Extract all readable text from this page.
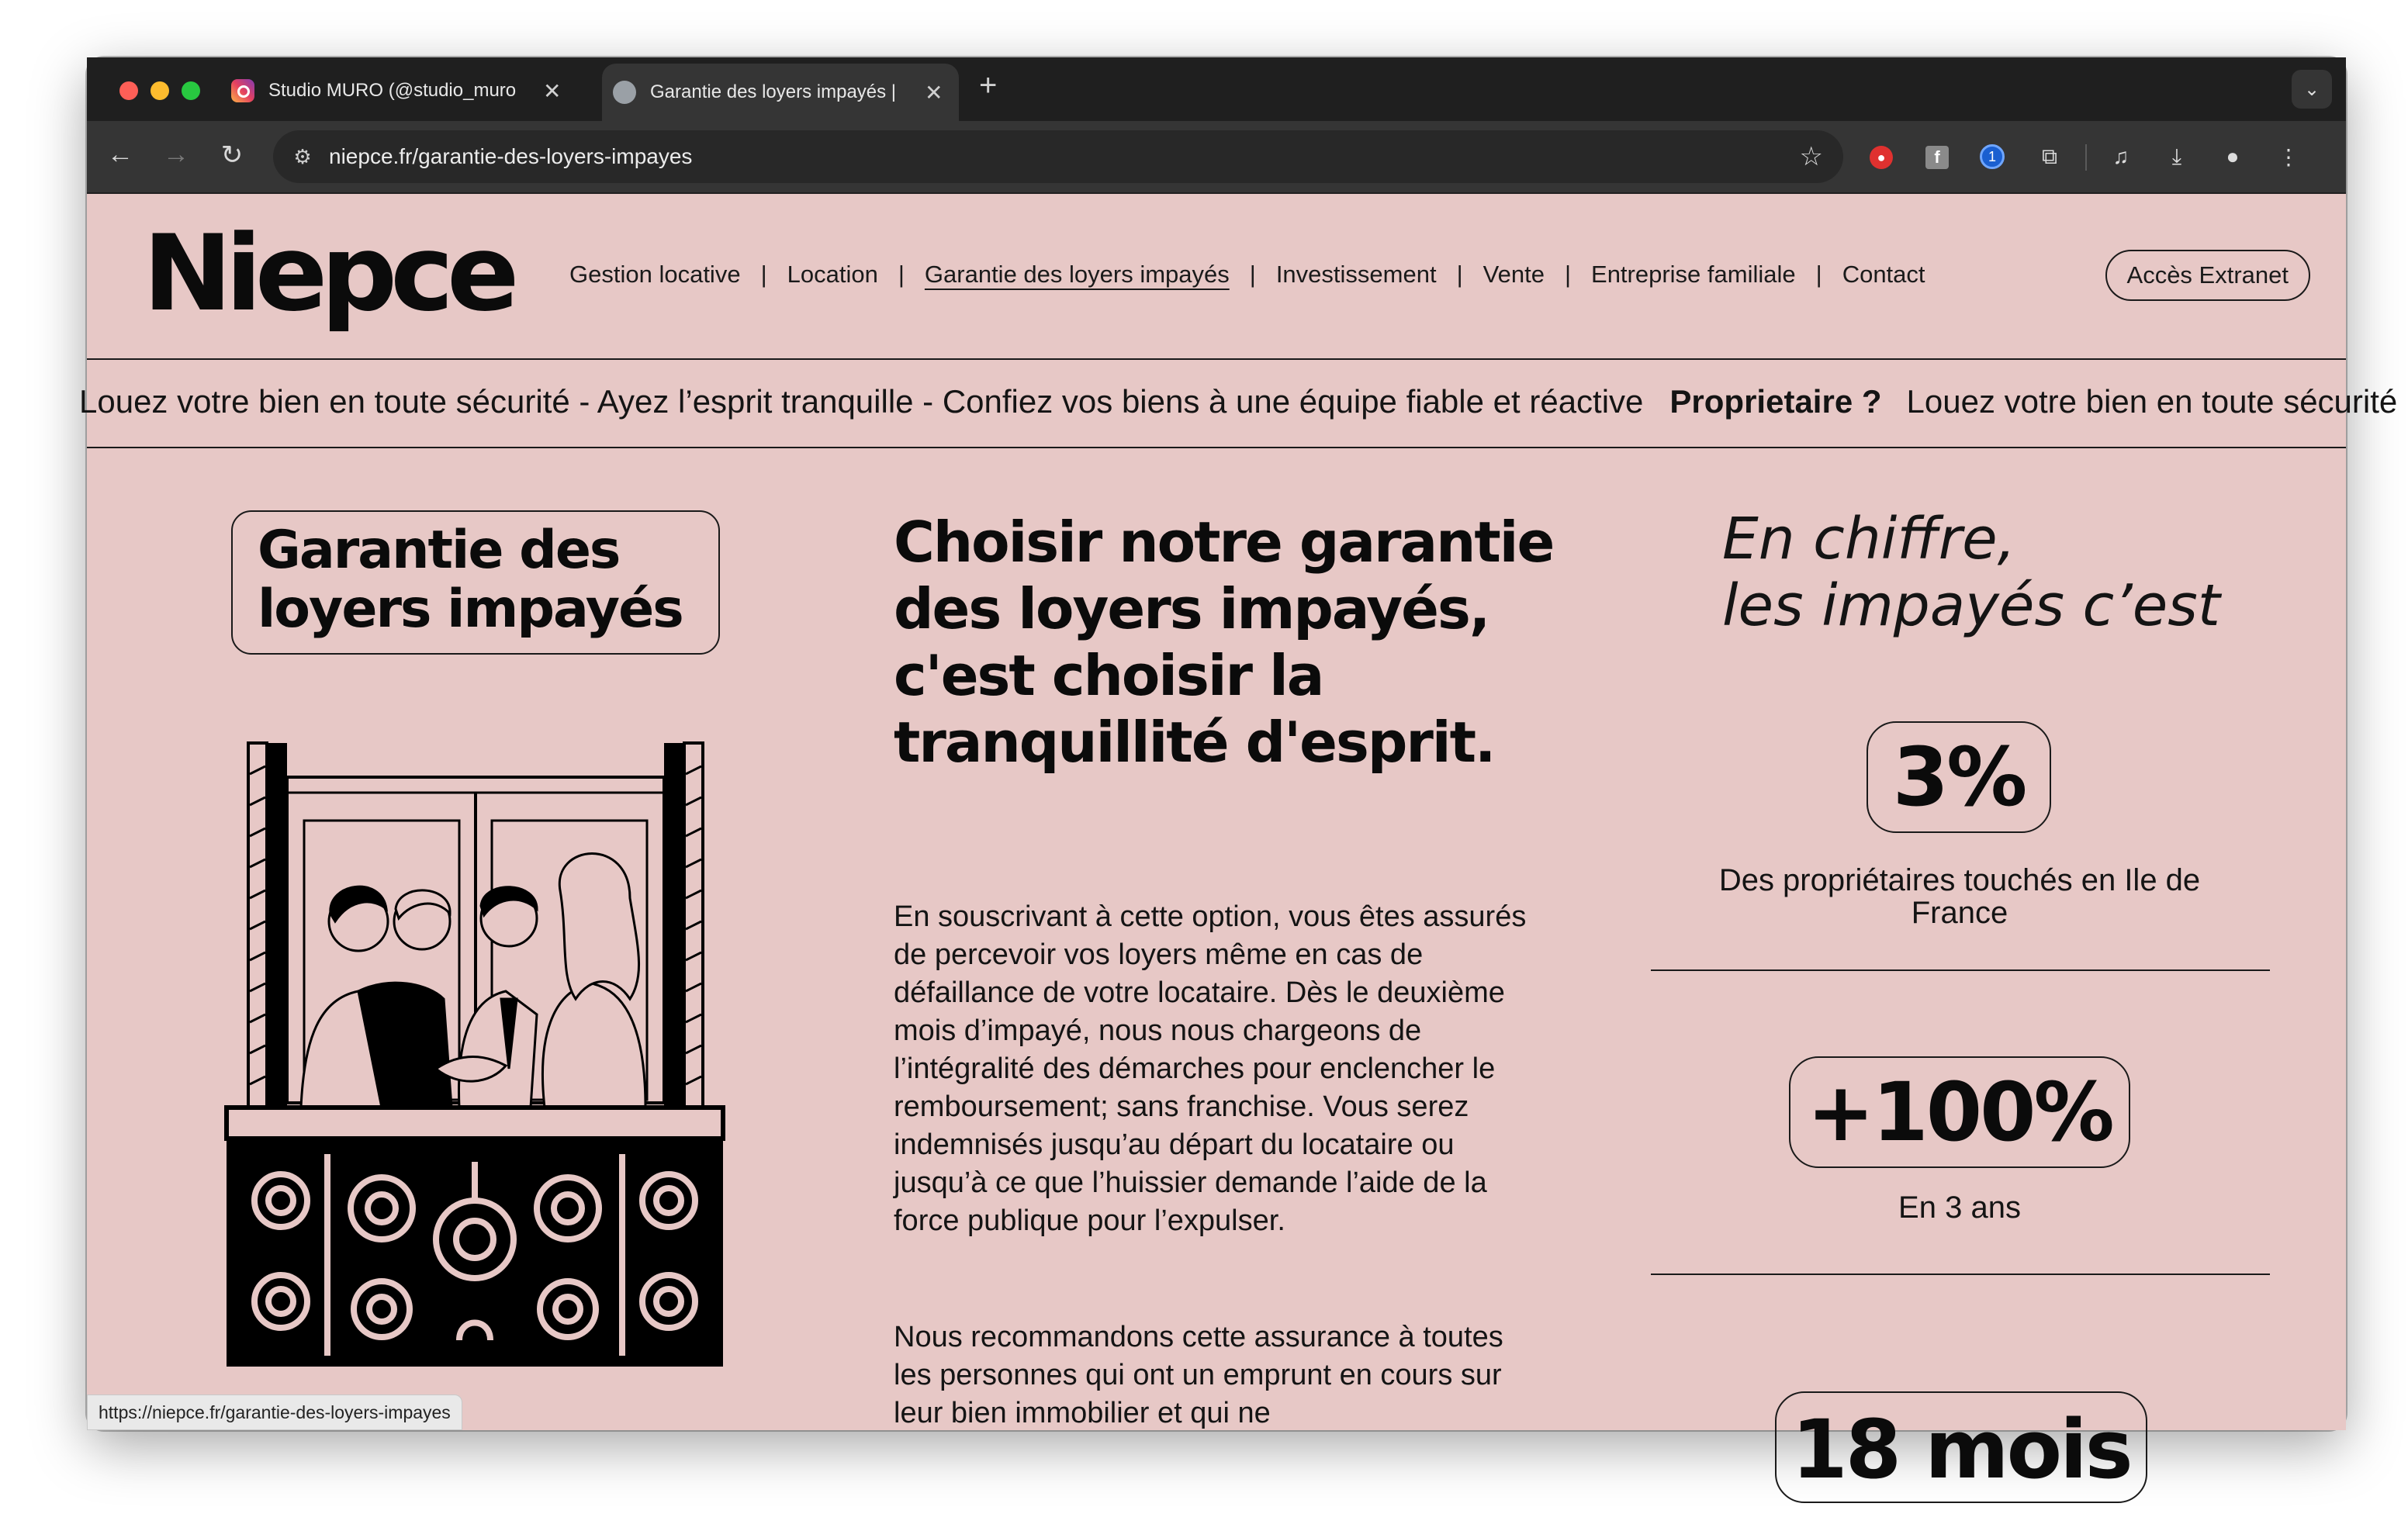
Studio MURO (@studio_muro	✕	Garantie des loyers impayés |	✕ +	⌄
← → ↻	⚙ niepce.fr/garantie-des-loyers-impayes	☆	●	f	1	⧉	♫	⤓	●	⋮
Niepce Gestion locative | Location | Garantie des loyers impayés | Investissement | Vente | Entreprise familiale | Contact	Accès Extranet
Louez votre bien en toute sécurité - Ayez l’esprit tranquille - Confiez vos biens à une équipe fiable et réactive Proprietaire ? Louez votre bien en toute sécurité
Garantie des
loyers impayés
Choisir notre garantie des loyers impayés, c'est choisir la tranquillité d'esprit.

En souscrivant à cette option, vous êtes assurés de percevoir vos loyers même en cas de défaillance de votre locataire. Dès le deuxième mois d’impayé, nous nous chargeons de l’intégralité des démarches pour enclencher le remboursement; sans franchise. Vous serez indemnisés jusqu’au départ du locataire ou jusqu’à ce que l’huissier demande l’aide de la force publique pour l’expulser.

Nous recommandons cette assurance à toutes les personnes qui ont un emprunt en cours sur leur bien immobilier et qui ne

En chiffre,
les impayés c’est
3%
Des propriétaires touchés en Ile de France
+100%
En 3 ans
18 mois
https://niepce.fr/garantie-des-loyers-impayes
